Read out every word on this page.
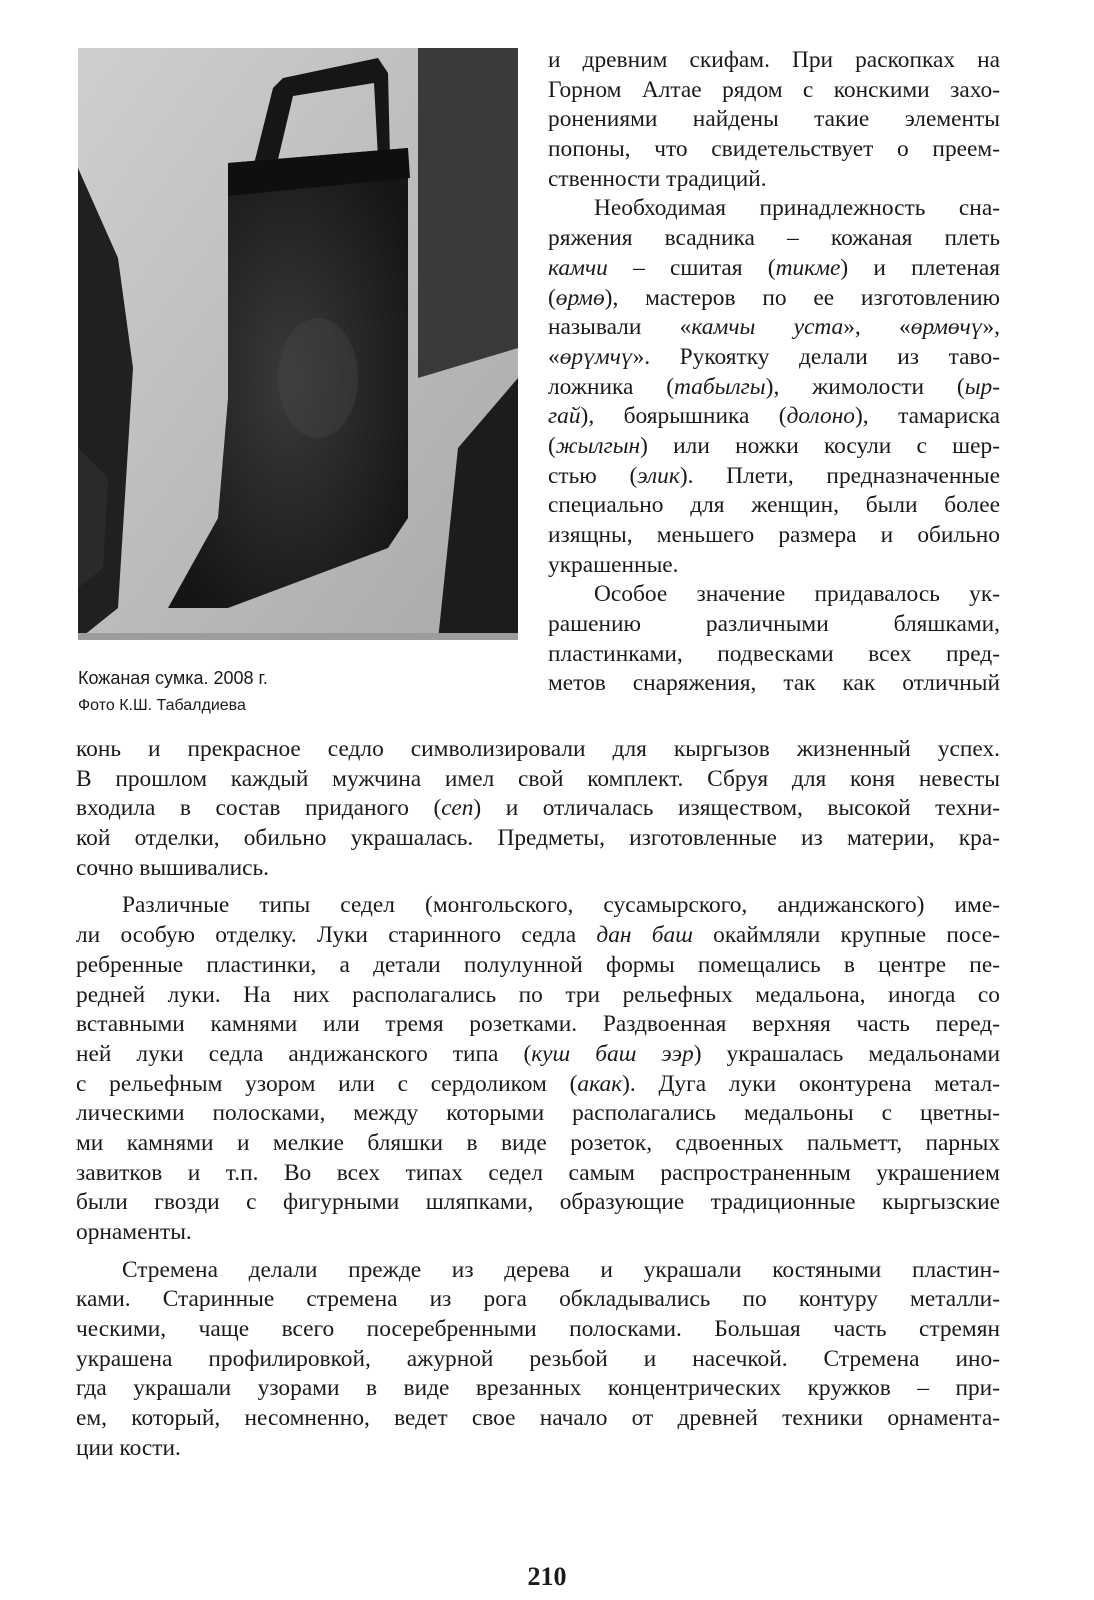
Кожаная сумка. 2008 г.
Фото К.Ш. Табалдиева
и древним скифам. При раскопках на
Горном Алтае рядом с конскими захо-
ронениями найдены такие элементы
попоны, что свидетельствует о преем-
ственности традиций.
Необходимая принадлежность сна-
ряжения всадника – кожаная плеть
камчи – сшитая (тикме) и плетеная
(өрмө), мастеров по ее изготовлению
называли «камчы уста», «өрмөчү»,
«өрүмчү». Рукоятку делали из тавo-
ложника (табылгы), жимолости (ыр-
гай), боярышника (долоно), тамариска
(жылгын) или ножки косули с шер-
стью (элик). Плети, предназначенные
специально для женщин, были более
изящны, меньшего размера и обильно
украшенные.
Особое значение придавалось ук-
рашению различными бляшками,
пластинками, подвесками всех пред-
метов снаряжения, так как отличный
конь и прекрасное седло символизировали для кыргызов жизненный успех.
В прошлом каждый мужчина имел свой комплект. Сбруя для коня невесты
входила в состав приданого (сеп) и отличалась изяществом, высокой техни-
кой отделки, обильно украшалась. Предметы, изготовленные из материи, кра-
сочно вышивались.
Различные типы седел (монгольского, сусамырского, андижанского) име-
ли особую отделку. Луки старинного седла дан баш окаймляли крупные посе-
ребренные пластинки, а детали полулунной формы помещались в центре пе-
редней луки. На них располагались по три рельефных медальона, иногда со
вставными камнями или тремя розетками. Раздвоенная верхняя часть перед-
ней луки седла андижанского типа (куш баш ээр) украшалась медальонами
с рельефным узором или с сердоликом (акак). Дуга луки оконтурена метал-
лическими полосками, между которыми располагались медальоны с цветны-
ми камнями и мелкие бляшки в виде розеток, сдвоенных пальметт, парных
завитков и т.п. Во всех типах седел самым распространенным украшением
были гвозди с фигурными шляпками, образующие традиционные кыргызские
орнаменты.
Стремена делали прежде из дерева и украшали костяными пластин-
ками. Старинные стремена из рога обкладывались по контуру металли-
ческими, чаще всего посеребренными полосками. Большая часть стремян
украшена профилировкой, ажурной резьбой и насечкой. Стремена ино-
гда украшали узорами в виде врезанных концентрических кружков – при-
ем, который, несомненно, ведет свое начало от древней техники орнамента-
ции кости.
210
